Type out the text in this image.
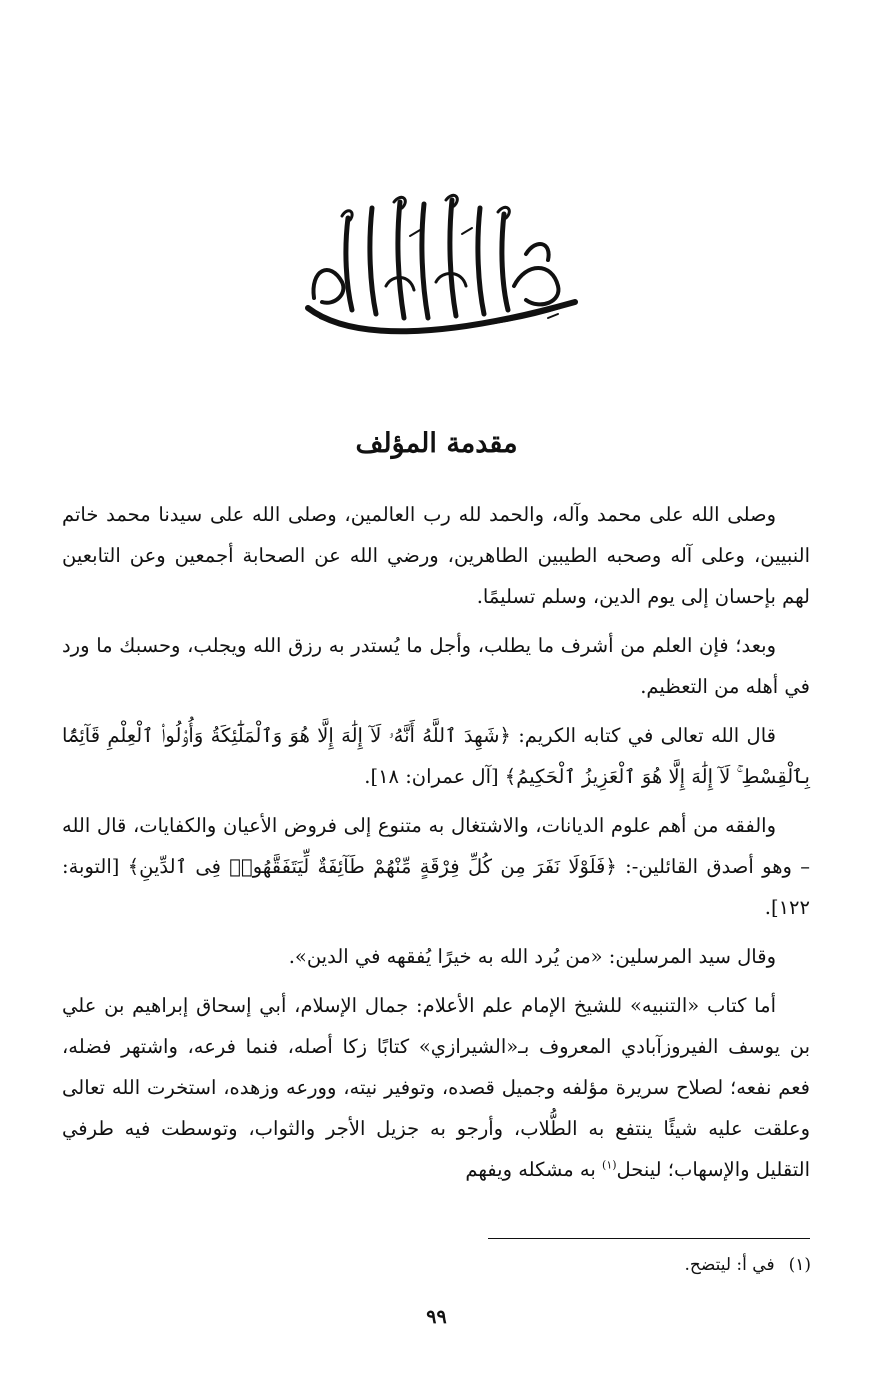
مقدمة المؤلف

وصلى الله على محمد وآله، والحمد لله رب العالمين، وصلى الله على سيدنا محمد خاتم النبيين، وعلى آله وصحبه الطيبين الطاهرين، ورضي الله عن الصحابة أجمعين وعن التابعين لهم بإحسان إلى يوم الدين، وسلم تسليمًا.

وبعد؛ فإن العلم من أشرف ما يطلب، وأجل ما يُستدر به رزق الله ويجلب، وحسبك ما ورد في أهله من التعظيم.

قال الله تعالى في كتابه الكريم: ﴿شَهِدَ ٱللَّهُ أَنَّهُۥ لَآ إِلَٰهَ إِلَّا هُوَ وَٱلْمَلَٰٓئِكَةُ وَأُو۟لُوا۟ ٱلْعِلْمِ قَآئِمًۢا بِٱلْقِسْطِ ۚ لَآ إِلَٰهَ إِلَّا هُوَ ٱلْعَزِيزُ ٱلْحَكِيمُ﴾ [آل عمران: ١٨].

والفقه من أهم علوم الديانات، والاشتغال به متنوع إلى فروض الأعيان والكفايات، قال الله – وهو أصدق القائلين-: ﴿فَلَوْلَا نَفَرَ مِن كُلِّ فِرْقَةٍ مِّنْهُمْ طَآئِفَةٌ لِّيَتَفَقَّهُوا۟ فِى ٱلدِّينِ﴾ [التوبة: ١٢٢].

وقال سيد المرسلين: «من يُرد الله به خيرًا يُفقهه في الدين».

أما كتاب «التنبيه» للشيخ الإمام علم الأعلام: جمال الإسلام، أبي إسحاق إبراهيم بن علي بن يوسف الفيروزآبادي المعروف بـ«الشيرازي» كتابًا زكا أصله، فنما فرعه، واشتهر فضله، فعم نفعه؛ لصلاح سريرة مؤلفه وجميل قصده، وتوفير نيته، وورعه وزهده، استخرت الله تعالى وعلقت عليه شيئًا ينتفع به الطُّلاب، وأرجو به جزيل الأجر والثواب، وتوسطت فيه طرفي التقليل والإسهاب؛ لينحل$^{(١)}$ به مشكله ويفهم

(١)في أ: ليتضح.
٩٩
